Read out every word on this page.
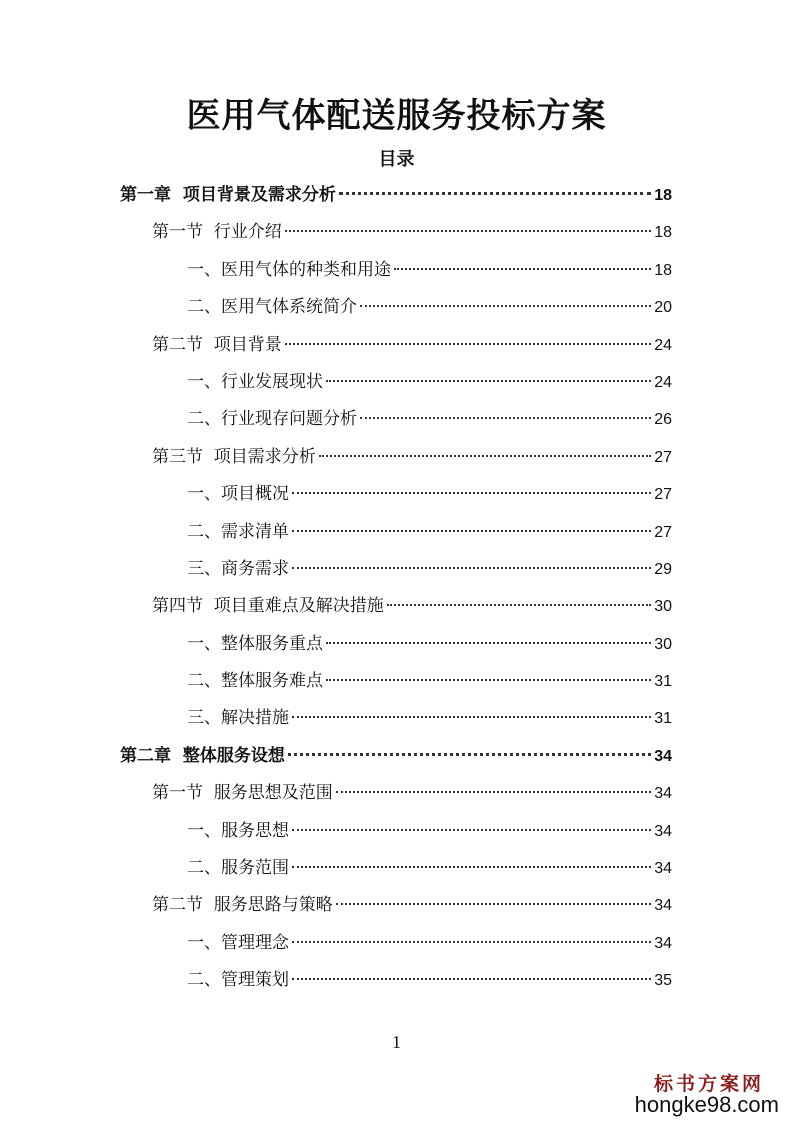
医用气体配送服务投标方案
目录
第一章  项目背景及需求分析	18
第一节  行业介绍	18
一、医用气体的种类和用途	18
二、医用气体系统简介	20
第二节  项目背景	24
一、行业发展现状	24
二、行业现存问题分析	26
第三节  项目需求分析	27
一、项目概况	27
二、需求清单	27
三、商务需求	29
第四节  项目重难点及解决措施	30
一、整体服务重点	30
二、整体服务难点	31
三、解决措施	31
第二章  整体服务设想	34
第一节  服务思想及范围	34
一、服务思想	34
二、服务范围	34
第二节  服务思路与策略	34
一、管理理念	34
二、管理策划	35
1
标书方案网
hongke98.com
